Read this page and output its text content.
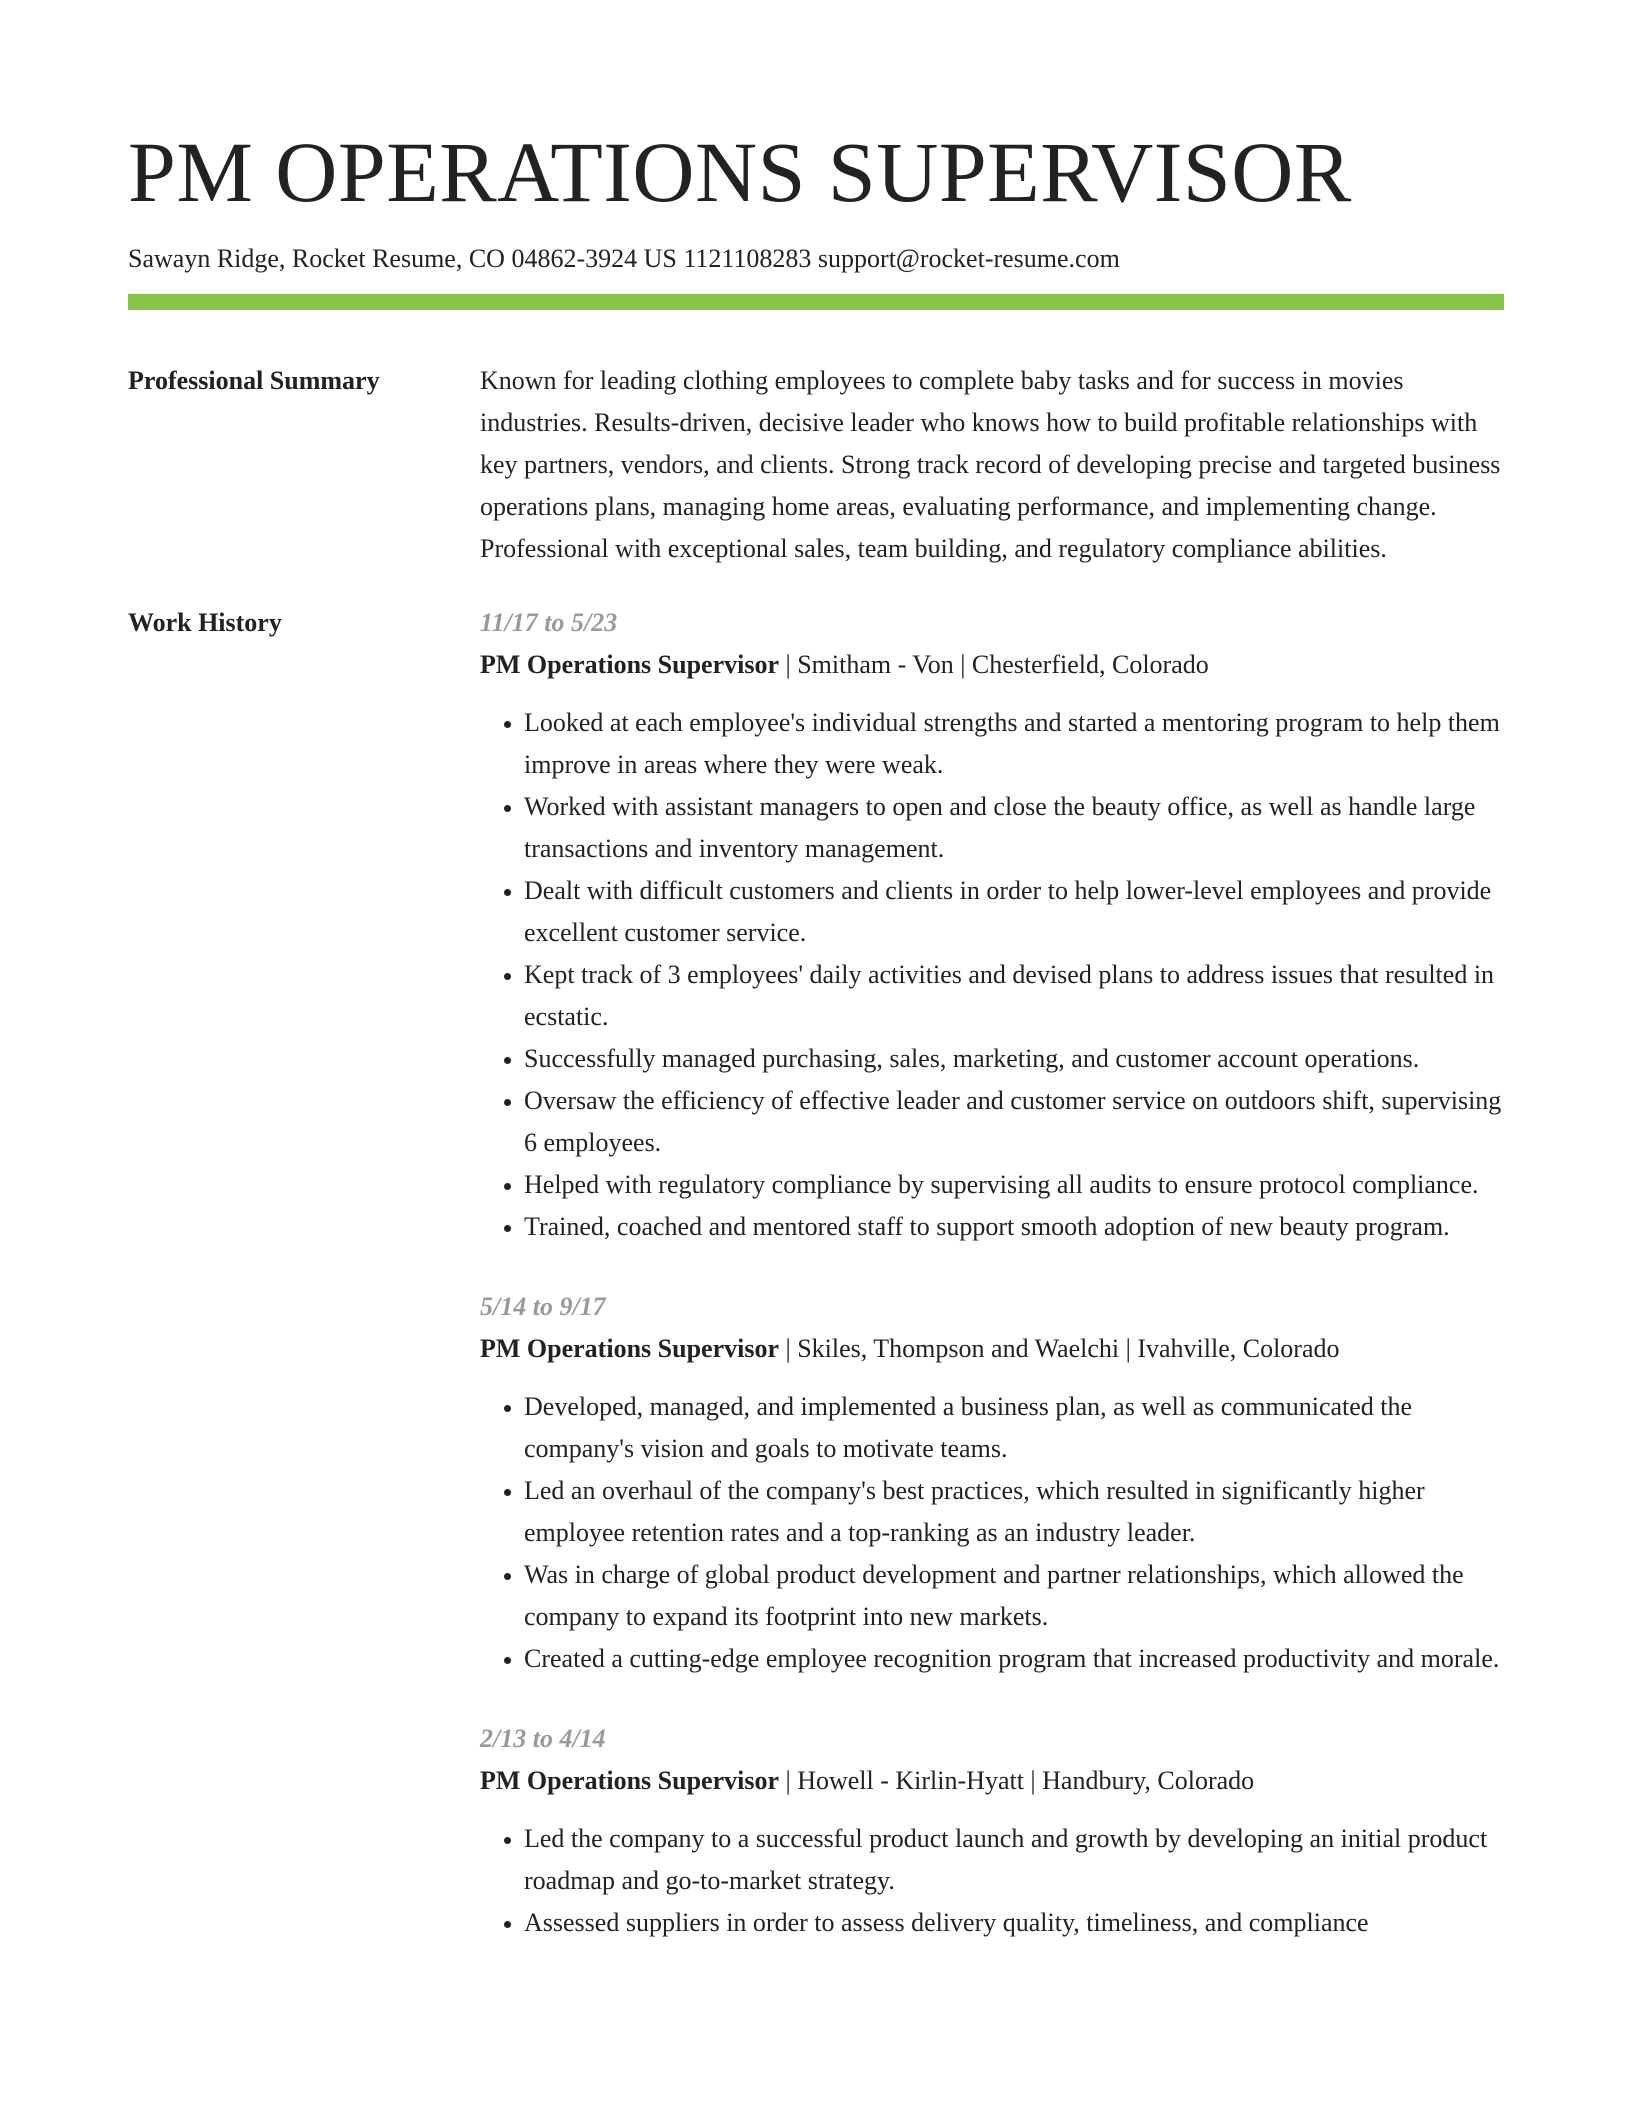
PM OPERATIONS SUPERVISOR
Sawayn Ridge, Rocket Resume, CO 04862-3924 US 1121108283 support@rocket-resume.com
Professional Summary	Known for leading clothing employees to complete baby tasks and for success in movies industries. Results-driven, decisive leader who knows how to build profitable relationships with key partners, vendors, and clients. Strong track record of developing precise and targeted business operations plans, managing home areas, evaluating performance, and implementing change. Professional with exceptional sales, team building, and regulatory compliance abilities.

Work History	11/17 to 5/23
PM Operations Supervisor | Smitham - Von | Chesterfield, Colorado
• Looked at each employee's individual strengths and started a mentoring program to help them improve in areas where they were weak.
• Worked with assistant managers to open and close the beauty office, as well as handle large transactions and inventory management.
• Dealt with difficult customers and clients in order to help lower-level employees and provide excellent customer service.
• Kept track of 3 employees' daily activities and devised plans to address issues that resulted in ecstatic.
• Successfully managed purchasing, sales, marketing, and customer account operations.
• Oversaw the efficiency of effective leader and customer service on outdoors shift, supervising 6 employees.
• Helped with regulatory compliance by supervising all audits to ensure protocol compliance.
• Trained, coached and mentored staff to support smooth adoption of new beauty program.
5/14 to 9/17
PM Operations Supervisor | Skiles, Thompson and Waelchi | Ivahville, Colorado
• Developed, managed, and implemented a business plan, as well as communicated the company's vision and goals to motivate teams.
• Led an overhaul of the company's best practices, which resulted in significantly higher employee retention rates and a top-ranking as an industry leader.
• Was in charge of global product development and partner relationships, which allowed the company to expand its footprint into new markets.
• Created a cutting-edge employee recognition program that increased productivity and morale.
2/13 to 4/14
PM Operations Supervisor | Howell - Kirlin-Hyatt | Handbury, Colorado
• Led the company to a successful product launch and growth by developing an initial product roadmap and go-to-market strategy.
• Assessed suppliers in order to assess delivery quality, timeliness, and compliance
